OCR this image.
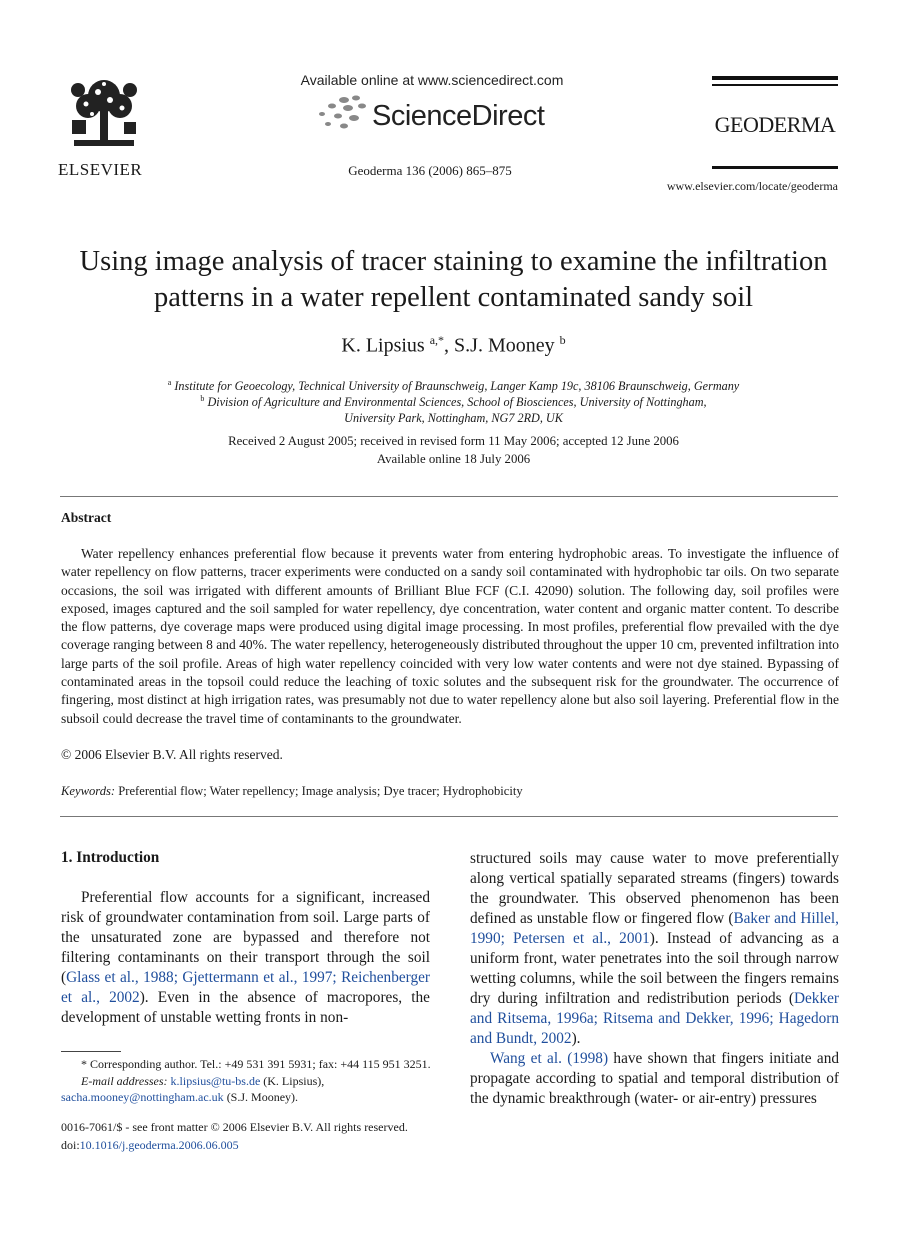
ELSEVIER
Available online at www.sciencedirect.com
ScienceDirect
Geoderma 136 (2006) 865–875
GEODERMA
www.elsevier.com/locate/geoderma
Using image analysis of tracer staining to examine the infiltration
patterns in a water repellent contaminated sandy soil
K. Lipsius $^{a,*}$, S.J. Mooney $^b$
$^a$ Institute for Geoecology, Technical University of Braunschweig, Langer Kamp 19c, 38106 Braunschweig, Germany
$^b$ Division of Agriculture and Environmental Sciences, School of Biosciences, University of Nottingham,
University Park, Nottingham, NG7 2RD, UK
Received 2 August 2005; received in revised form 11 May 2006; accepted 12 June 2006
Available online 18 July 2006
Abstract
Water repellency enhances preferential flow because it prevents water from entering hydrophobic areas. To investigate the influence of water repellency on flow patterns, tracer experiments were conducted on a sandy soil contaminated with hydrophobic tar oils. On two separate occasions, the soil was irrigated with different amounts of Brilliant Blue FCF (C.I. 42090) solution. The following day, soil profiles were exposed, images captured and the soil sampled for water repellency, dye concentration, water content and organic matter content. To describe the flow patterns, dye coverage maps were produced using digital image processing. In most profiles, preferential flow prevailed with the dye coverage ranging between 8 and 40%. The water repellency, heterogeneously distributed throughout the upper 10 cm, prevented infiltration into large parts of the soil profile. Areas of high water repellency coincided with very low water contents and were not dye stained. Bypassing of contaminated areas in the topsoil could reduce the leaching of toxic solutes and the subsequent risk for the groundwater. The occurrence of fingering, most distinct at high irrigation rates, was presumably not due to water repellency alone but also soil layering. Preferential flow in the subsoil could decrease the travel time of contaminants to the groundwater.
© 2006 Elsevier B.V. All rights reserved.
Keywords: Preferential flow; Water repellency; Image analysis; Dye tracer; Hydrophobicity
1. Introduction
Preferential flow accounts for a significant, increased risk of groundwater contamination from soil. Large parts of the unsaturated zone are bypassed and therefore not filtering contaminants on their transport through the soil (Glass et al., 1988; Gjettermann et al., 1997; Reichenberger et al., 2002). Even in the absence of macropores, the development of unstable wetting fronts in non-
structured soils may cause water to move preferentially along vertical spatially separated streams (fingers) towards the groundwater. This observed phenomenon has been defined as unstable flow or fingered flow (Baker and Hillel, 1990; Petersen et al., 2001). Instead of advancing as a uniform front, water penetrates into the soil through narrow wetting columns, while the soil between the fingers remains dry during infiltration and redistribution periods (Dekker and Ritsema, 1996a; Ritsema and Dekker, 1996; Hagedorn and Bundt, 2002).
Wang et al. (1998) have shown that fingers initiate and propagate according to spatial and temporal distribution of the dynamic breakthrough (water- or air-entry) pressures
* Corresponding author. Tel.: +49 531 391 5931; fax: +44 115 951 3251.
E-mail addresses: k.lipsius@tu-bs.de (K. Lipsius),
sacha.mooney@nottingham.ac.uk (S.J. Mooney).
0016-7061/$ - see front matter © 2006 Elsevier B.V. All rights reserved.
doi:10.1016/j.geoderma.2006.06.005
